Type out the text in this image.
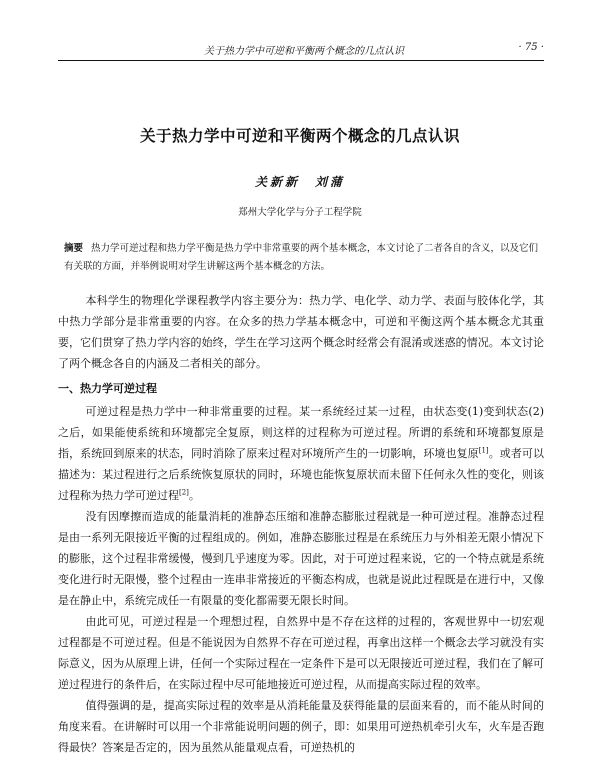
关于热力学中可逆和平衡两个概念的几点认识	· 75 ·
关于热力学中可逆和平衡两个概念的几点认识
关新新　刘蒲
郑州大学化学与分子工程学院
摘要 热力学可逆过程和热力学平衡是热力学中非常重要的两个基本概念，本文讨论了二者各自的含义，以及它们有关联的方面，并举例说明对学生讲解这两个基本概念的方法。

本科学生的物理化学课程教学内容主要分为：热力学、电化学、动力学、表面与胶体化学，其中热力学部分是非常重要的内容。在众多的热力学基本概念中，可逆和平衡这两个基本概念尤其重要，它们贯穿了热力学内容的始终，学生在学习这两个概念时经常会有混淆或迷惑的情况。本文讨论了两个概念各自的内涵及二者相关的部分。

一、热力学可逆过程

可逆过程是热力学中一种非常重要的过程。某一系统经过某一过程，由状态变(1)变到状态(2)之后，如果能使系统和环境都完全复原，则这样的过程称为可逆过程。所谓的系统和环境都复原是指，系统回到原来的状态，同时消除了原来过程对环境所产生的一切影响，环境也复原[1]。或者可以描述为：某过程进行之后系统恢复原状的同时，环境也能恢复原状而未留下任何永久性的变化，则该过程称为热力学可逆过程[2]。

没有因摩擦而造成的能量消耗的准静态压缩和准静态膨胀过程就是一种可逆过程。准静态过程是由一系列无限接近平衡的过程组成的。例如，准静态膨胀过程是在系统压力与外相差无限小情况下的膨胀，这个过程非常缓慢，慢到几乎速度为零。因此，对于可逆过程来说，它的一个特点就是系统变化进行时无限慢，整个过程由一连串非常接近的平衡态构成，也就是说此过程既是在进行中，又像是在静止中，系统完成任一有限量的变化都需要无限长时间。

由此可见，可逆过程是一个理想过程，自然界中是不存在这样的过程的，客观世界中一切宏观过程都是不可逆过程。但是不能说因为自然界不存在可逆过程，再拿出这样一个概念去学习就没有实际意义，因为从原理上讲，任何一个实际过程在一定条件下是可以无限接近可逆过程，我们在了解可逆过程进行的条件后，在实际过程中尽可能地接近可逆过程，从而提高实际过程的效率。

值得强调的是，提高实际过程的效率是从消耗能量及获得能量的层面来看的，而不能从时间的角度来看。在讲解时可以用一个非常能说明问题的例子，即：如果用可逆热机牵引火车，火车是否跑得最快？答案是否定的，因为虽然从能量观点看，可逆热机的
